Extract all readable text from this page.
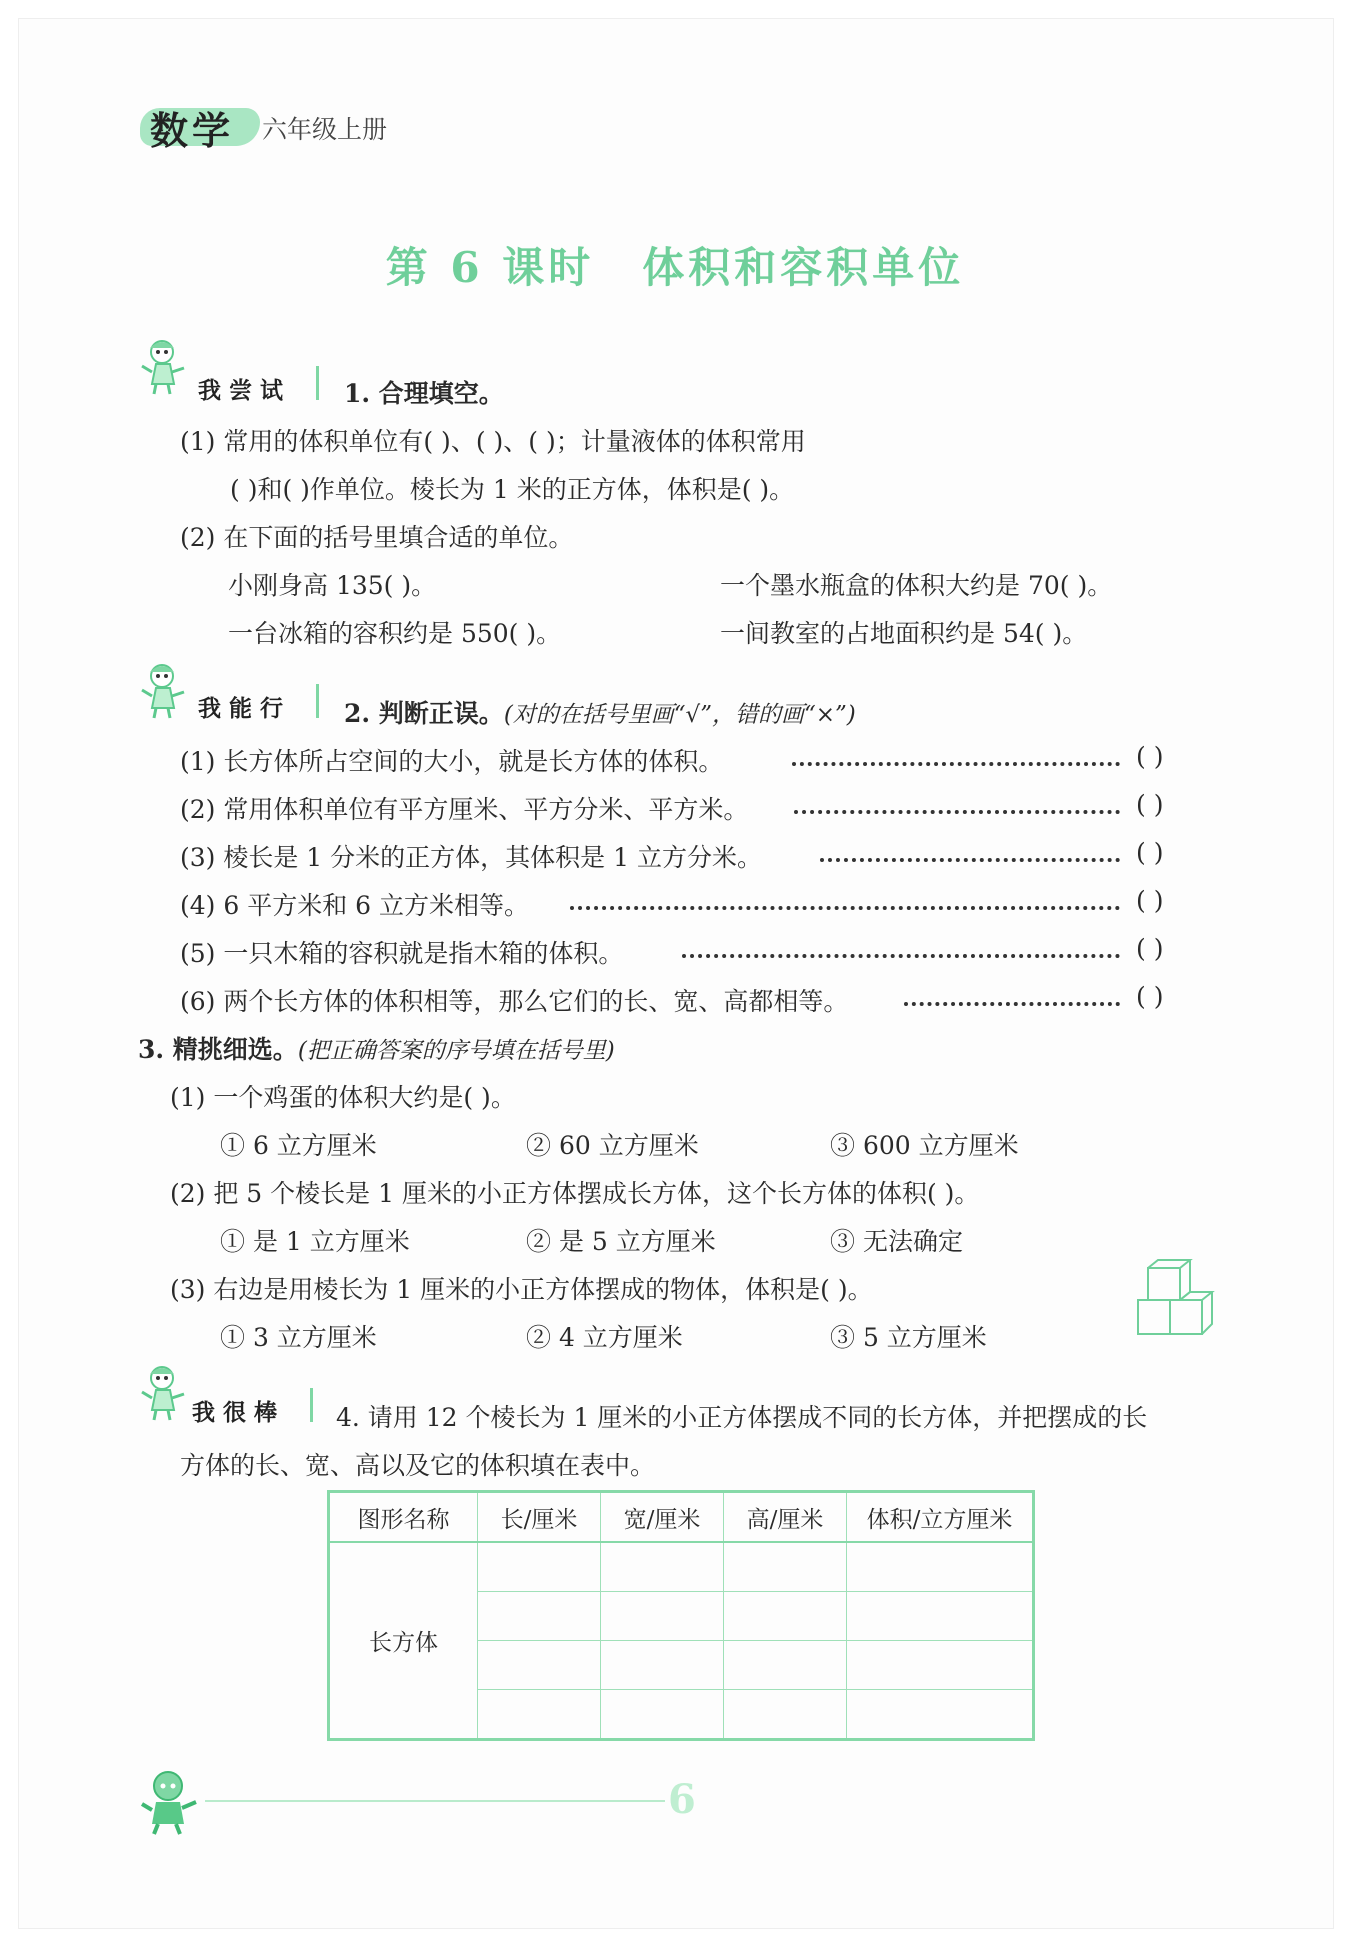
数学 六年级上册
第 6 课时 体积和容积单位
我尝试 1. 合理填空。
(1) 常用的体积单位有( )、( )、( )；计量液体的体积常用
( )和( )作单位。棱长为 1 米的正方体，体积是( )。
(2) 在下面的括号里填合适的单位。
小刚身高 135( )。	一个墨水瓶盒的体积大约是 70( )。
一台冰箱的容积约是 550( )。	一间教室的占地面积约是 54( )。
我能行 2. 判断正误。(对的在括号里画“√”，错的画“×”)
(1) 长方体所占空间的大小，就是长方体的体积。	( )
(2) 常用体积单位有平方厘米、平方分米、平方米。	( )
(3) 棱长是 1 分米的正方体，其体积是 1 立方分米。	( )
(4) 6 平方米和 6 立方米相等。	( )
(5) 一只木箱的容积就是指木箱的体积。	( )
(6) 两个长方体的体积相等，那么它们的长、宽、高都相等。	( )
3. 精挑细选。(把正确答案的序号填在括号里)
(1) 一个鸡蛋的体积大约是( )。
① 6 立方厘米	② 60 立方厘米	③ 600 立方厘米
(2) 把 5 个棱长是 1 厘米的小正方体摆成长方体，这个长方体的体积( )。
① 是 1 立方厘米	② 是 5 立方厘米	③ 无法确定
(3) 右边是用棱长为 1 厘米的小正方体摆成的物体，体积是( )。
① 3 立方厘米	② 4 立方厘米	③ 5 立方厘米
我很棒 4. 请用 12 个棱长为 1 厘米的小正方体摆成不同的长方体，并把摆成的长
方体的长、宽、高以及它的体积填在表中。
图形名称	长/厘米	宽/厘米	高/厘米	体积/立方厘米
长方体				

6
